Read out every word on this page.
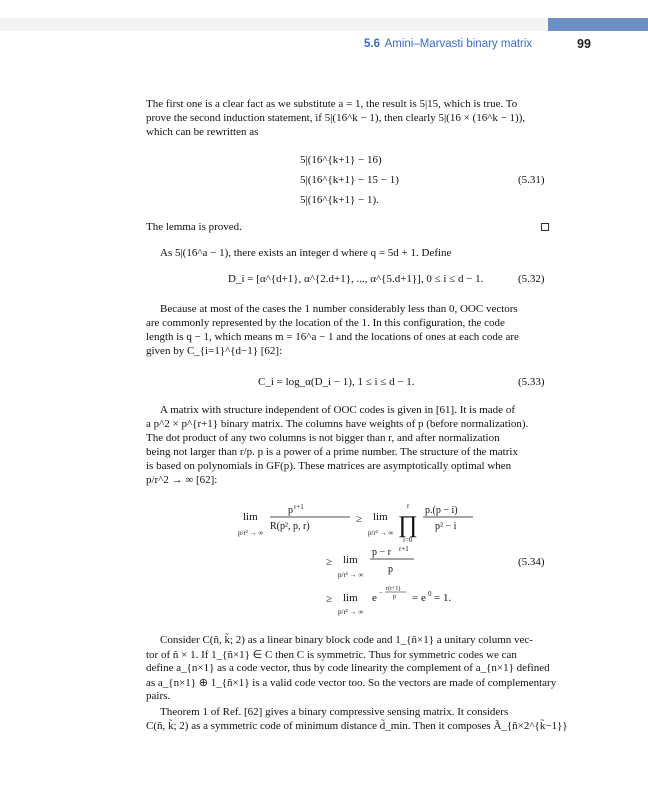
5.6 Amini–Marvasti binary matrix	99
The first one is a clear fact as we substitute a = 1, the result is 5|15, which is true. To
prove the second induction statement, if 5|(16^k − 1), then clearly 5|(16 × (16^k − 1)),
which can be rewritten as
5|(16^{k+1} − 16)
5|(16^{k+1} − 15 − 1)
5|(16^{k+1} − 1).
(5.31)
The lemma is proved.
As 5|(16^a − 1), there exists an integer d where q = 5d + 1. Define
D_i = [α^{d+1}, α^{2.d+1}, ..., α^{5.d+1}], 0 ≤ i ≤ d − 1.	(5.32)
Because at most of the cases the 1 number considerably less than 0, OOC vectors
are commonly represented by the location of the 1. In this configuration, the code
length is q − 1, which means m = 16^a − 1 and the locations of ones at each code are
given by C_{i=1}^{d−1} [62]:
C_i = log_α(D_i − 1), 1 ≤ i ≤ d − 1.	(5.33)
A matrix with structure independent of OOC codes is given in [61]. It is made of
a p^2 × p^{r+1} binary matrix. The columns have weights of p (before normalization).
The dot product of any two columns is not bigger than r, and after normalization
being not larger than r/p. p is a power of a prime number. The structure of the matrix
is based on polynomials in GF(p). These matrices are asymptotically optimal when
p/r^2 → ∞ [62]:
lim
p/r² → ∞
p r+1
R(p², p, r)
≥ lim
p/r² → ∞
r
∏
i=0
p.(p − i)
p² − i
≥ lim
p/r² → ∞
p − r r+1
p
≥ lim
p/r² → ∞
e − r(r+1)
p = e 0 = 1.
(5.34)
Consider C(ñ, k̃; 2) as a linear binary block code and 1_{ñ×1} a unitary column vec-
tor of ñ × 1. If 1_{ñ×1} ∈ C then C is symmetric. Thus for symmetric codes we can
define a_{n×1} as a code vector, thus by code linearity the complement of a_{n×1} defined
as a_{n×1} ⊕ 1_{ñ×1} is a valid code vector too. So the vectors are made of complementary
pairs.
Theorem 1 of Ref. [62] gives a binary compressive sensing matrix. It considers
C(ñ, k̃; 2) as a symmetric code of minimum distance d̃_min. Then it composes Ã_{ñ×2^{k̃−1}}
